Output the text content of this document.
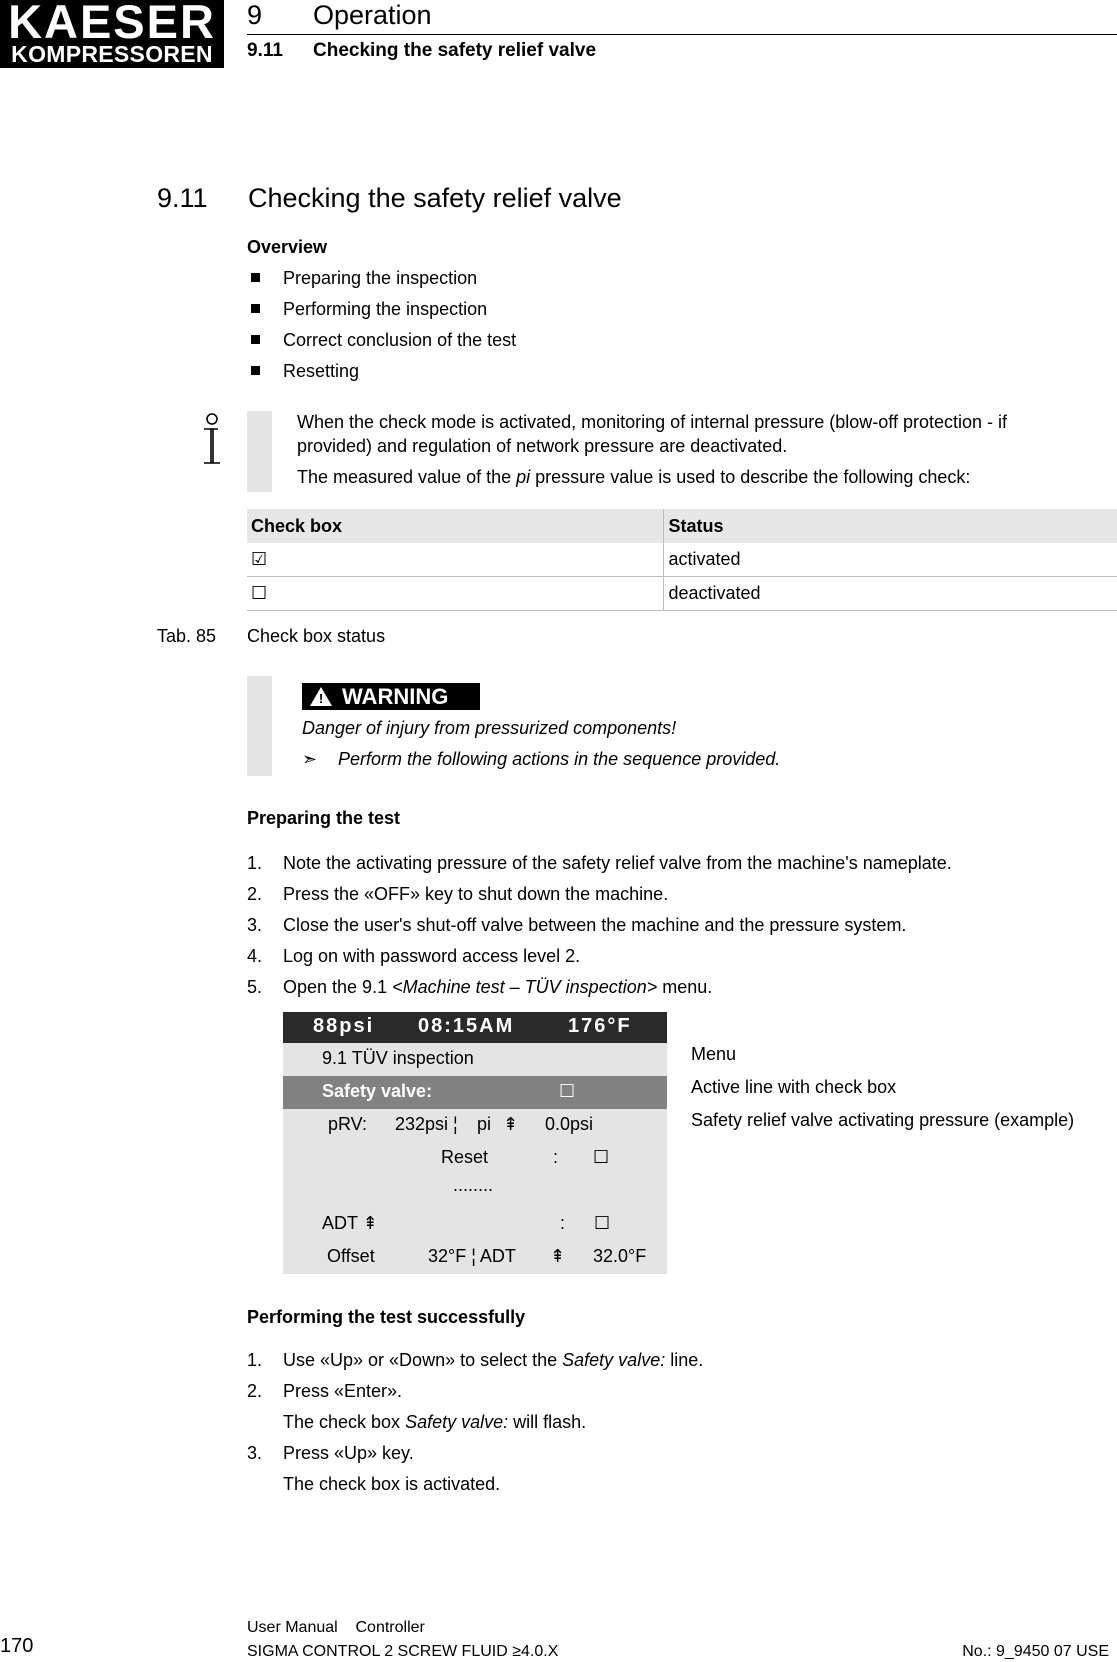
KAESER
KOMPRESSOREN
9 Operation
9.11 Checking the safety relief valve
9.11 Checking the safety relief valve
Overview
Preparing the inspection
Performing the inspection
Correct conclusion of the test
Resetting
When the check mode is activated, monitoring of internal pressure (blow-off protection - if
provided) and regulation of network pressure are deactivated.
The measured value of the pi pressure value is used to describe the following check:
Check box	Status
☑	activated
☐	deactivated
Tab. 85 Check box status
! WARNING
Danger of injury from pressurized components!
➣ Perform the following actions in the sequence provided.
Preparing the test
1. Note the activating pressure of the safety relief valve from the machine's nameplate.
2. Press the «OFF» key to shut down the machine.
3. Close the user's shut-off valve between the machine and the pressure system.
4. Log on with password access level 2.
5. Open the 9.1 <Machine test – TÜV inspection> menu.
88psi 08:15AM	176°F
9.1 TÜV inspection
Safety valve:	☐
pRV: 232psi ¦ pi ⇞ 0.0psi
Reset	: ☐
........
ADT ⇞	: ☐
Offset	32°F ¦ ADT ⇞ 32.0°F
Menu
Active line with check box
Safety relief valve activating pressure (example)
Performing the test successfully
1. Use «Up» or «Down» to select the Safety valve: line.
2. Press «Enter».
The check box Safety valve: will flash.
3. Press «Up» key.
The check box is activated.
170
User Manual Controller
SIGMA CONTROL 2 SCREW FLUID ≥4.0.X	No.: 9_9450 07 USE
